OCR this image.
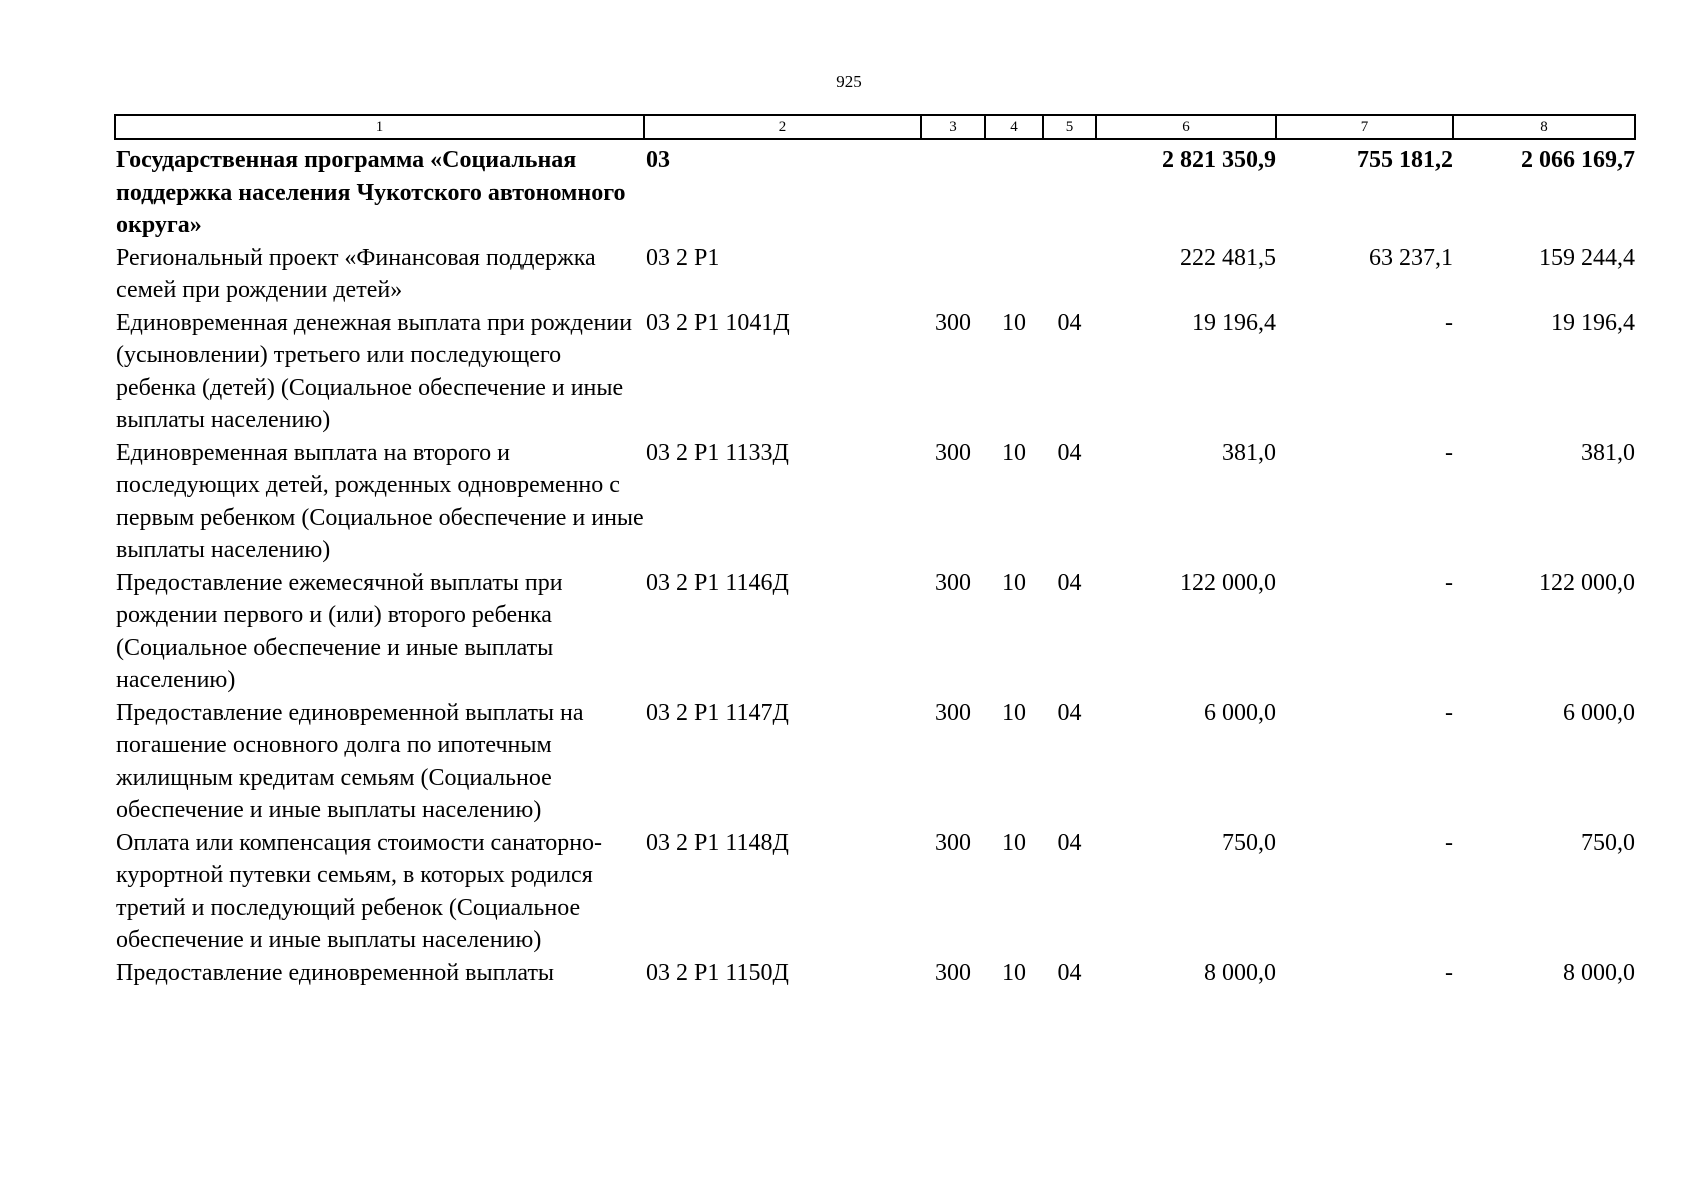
925
1	2	3	4	5	6	7	8
Государственная программа «Социальная поддержка населения Чукотского автономного округа»	03				2 821 350,9	755 181,2	2 066 169,7
Региональный проект «Финансовая поддержка семей при рождении детей»	03 2 Р1				222 481,5	63 237,1	159 244,4
Единовременная денежная выплата при рождении (усыновлении) третьего или последующего ребенка (детей) (Социальное обеспечение и иные выплаты населению)	03 2 Р1 1041Д	300	10	04	19 196,4	-	19 196,4
Единовременная выплата на второго и последующих детей, рожденных одновременно с первым ребенком (Социальное обеспечение и иные выплаты населению)	03 2 Р1 1133Д	300	10	04	381,0	-	381,0
Предоставление ежемесячной выплаты при рождении первого и (или) второго ребенка (Социальное обеспечение и иные выплаты населению)	03 2 Р1 1146Д	300	10	04	122 000,0	-	122 000,0
Предоставление единовременной выплаты на погашение основного долга по ипотечным жилищным кредитам семьям (Социальное обеспечение и иные выплаты населению)	03 2 Р1 1147Д	300	10	04	6 000,0	-	6 000,0
Оплата или компенсация стоимости санаторно-курортной путевки семьям, в которых родился третий и последующий ребенок (Социальное обеспечение и иные выплаты населению)	03 2 Р1 1148Д	300	10	04	750,0	-	750,0
Предоставление единовременной выплаты	03 2 Р1 1150Д	300	10	04	8 000,0	-	8 000,0
